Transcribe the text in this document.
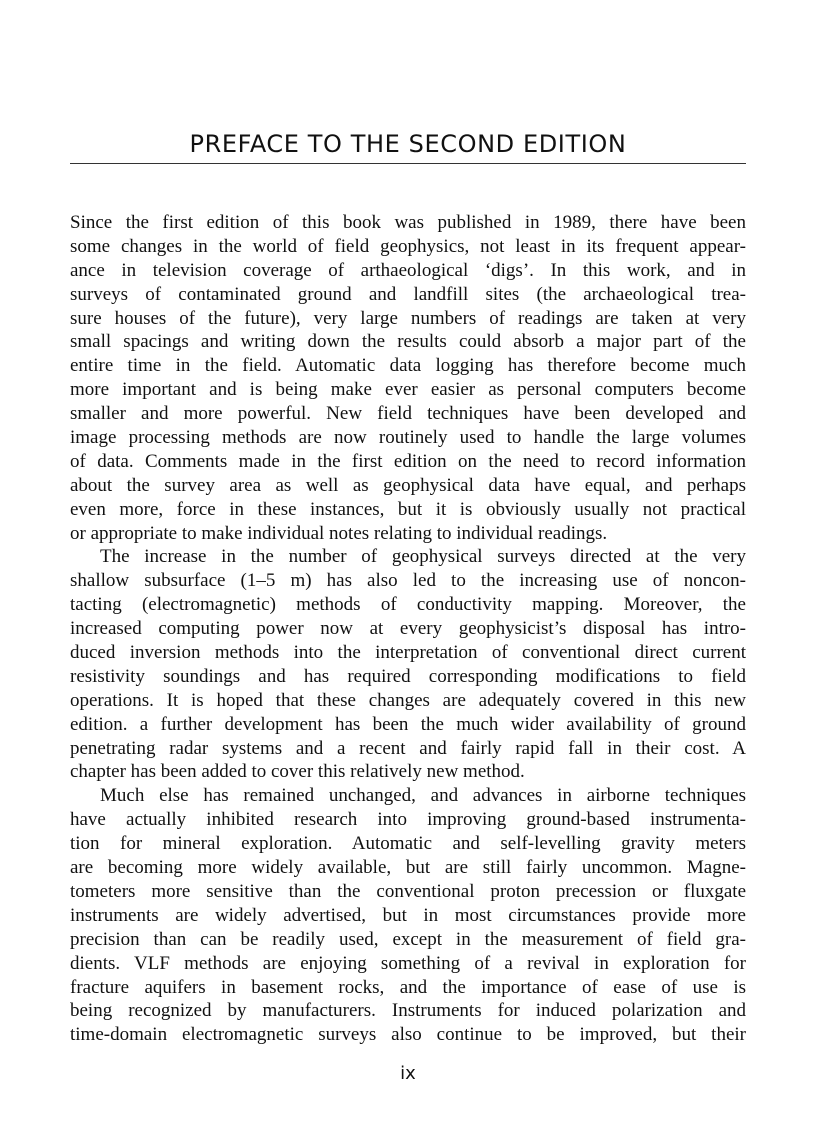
PREFACE TO THE SECOND EDITION
Since the first edition of this book was published in 1989, there have been
some changes in the world of field geophysics, not least in its frequent appear-
ance in television coverage of arthaeological ‘digs’. In this work, and in
surveys of contaminated ground and landfill sites (the archaeological trea-
sure houses of the future), very large numbers of readings are taken at very
small spacings and writing down the results could absorb a major part of the
entire time in the field. Automatic data logging has therefore become much
more important and is being make ever easier as personal computers become
smaller and more powerful. New field techniques have been developed and
image processing methods are now routinely used to handle the large volumes
of data. Comments made in the first edition on the need to record information
about the survey area as well as geophysical data have equal, and perhaps
even more, force in these instances, but it is obviously usually not practical
or appropriate to make individual notes relating to individual readings.
The increase in the number of geophysical surveys directed at the very
shallow subsurface (1–5 m) has also led to the increasing use of noncon-
tacting (electromagnetic) methods of conductivity mapping. Moreover, the
increased computing power now at every geophysicist’s disposal has intro-
duced inversion methods into the interpretation of conventional direct current
resistivity soundings and has required corresponding modifications to field
operations. It is hoped that these changes are adequately covered in this new
edition. a further development has been the much wider availability of ground
penetrating radar systems and a recent and fairly rapid fall in their cost. A
chapter has been added to cover this relatively new method.
Much else has remained unchanged, and advances in airborne techniques
have actually inhibited research into improving ground-based instrumenta-
tion for mineral exploration. Automatic and self-levelling gravity meters
are becoming more widely available, but are still fairly uncommon. Magne-
tometers more sensitive than the conventional proton precession or fluxgate
instruments are widely advertised, but in most circumstances provide more
precision than can be readily used, except in the measurement of field gra-
dients. VLF methods are enjoying something of a revival in exploration for
fracture aquifers in basement rocks, and the importance of ease of use is
being recognized by manufacturers. Instruments for induced polarization and
time-domain electromagnetic surveys also continue to be improved, but their
ix
